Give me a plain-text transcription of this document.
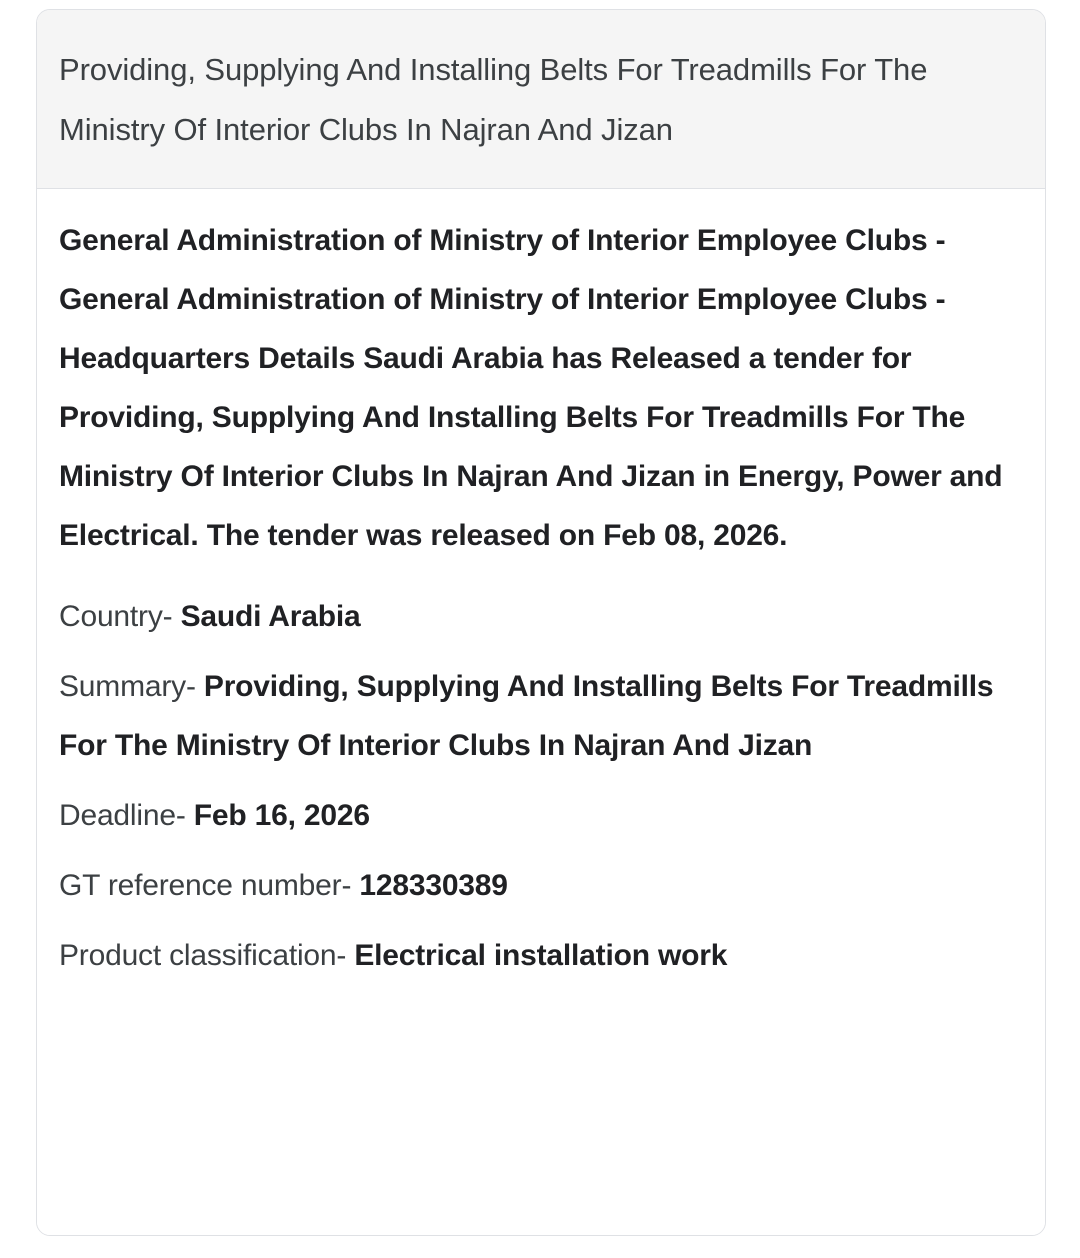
Providing, Supplying And Installing Belts For Treadmills For The Ministry Of Interior Clubs In Najran And Jizan

General Administration of Ministry of Interior Employee Clubs - General Administration of Ministry of Interior Employee Clubs - Headquarters Details Saudi Arabia has Released a tender for Providing, Supplying And Installing Belts For Treadmills For The Ministry Of Interior Clubs In Najran And Jizan in Energy, Power and Electrical. The tender was released on Feb 08, 2026.

Country- Saudi Arabia
Summary- Providing, Supplying And Installing Belts For Treadmills For The Ministry Of Interior Clubs In Najran And Jizan
Deadline- Feb 16, 2026
GT reference number- 128330389
Product classification- Electrical installation work
